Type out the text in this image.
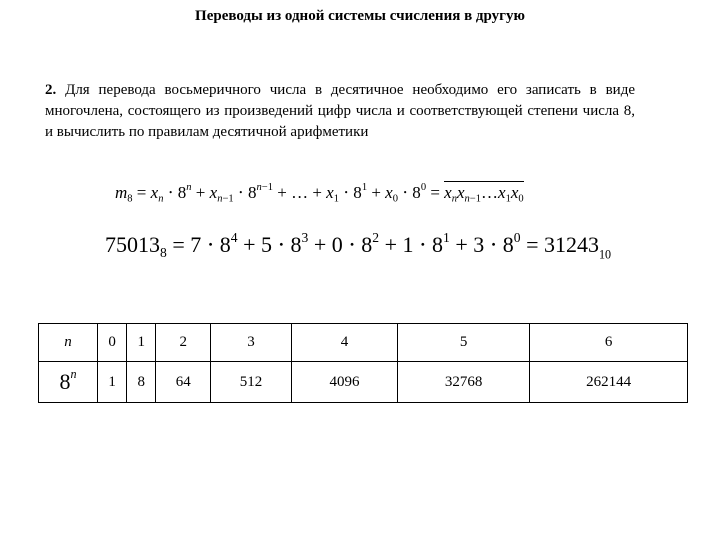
Переводы из одной системы счисления в другую
2. Для перевода восьмеричного числа в десятичное необходимо его записать в виде многочлена, состоящего из произведений цифр числа и соответствующей степени числа 8, и вычислить по правилам десятичной арифметики
$m_8 = x_n \cdot 8^n + x_{n-1} \cdot 8^{n-1}$ + … + $x_1 \cdot 8^1 + x_0 \cdot 8^0$ = $x_nx_{n-1}\dots x_1x_0$
$75013_8 = 7 \cdot 8^4 + 5 \cdot 8^3 + 0 \cdot 8^2 + 1 \cdot 8^1 + 3 \cdot 8^0 = 31243_{10}$
n	0	1	2	3	4	5	6
8$^n$	1	8	64	512	4096	32768	262144
